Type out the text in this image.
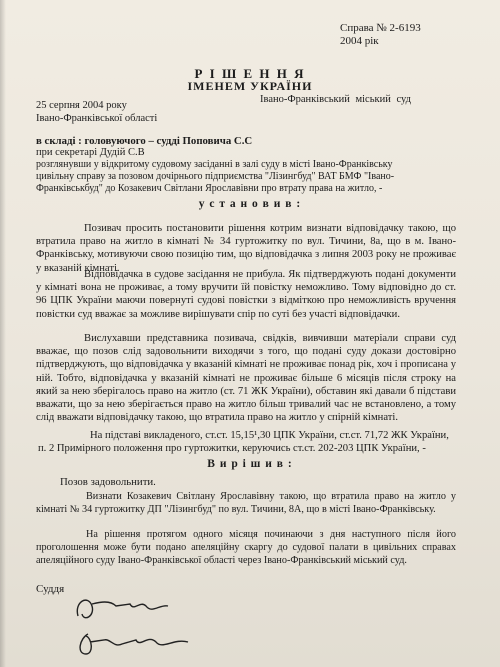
Справа № 2-6193
2004 рік
Р І Ш Е Н Н Я
ІМЕНЕМ УКРАЇНИ
Івано-Франківський міський суд
25 серпня 2004 року
Івано-Франківської області
в складі : головуючого – судді Поповича С.С
при секретарі Дудій С.В
розглянувши у відкритому судовому засіданні в залі суду в місті Івано-Франківську
цивільну справу за позовом дочірнього підприємства "Лізингбуд" ВАТ БМФ "Івано-
Франківськбуд" до Козакевич Світлани Ярославівни про втрату права на житло, -
у с т а н о в и в :
Позивач просить постановити рішення котрим визнати відповідачку такою, що втратила право на житло в кімнаті № 34 гуртожитку по вул. Тичини, 8а, що в м. Івано-Франківську, мотивуючи свою позицію тим, що відповідачка з липня 2003 року не проживає у вказаній кімнаті.
Відповідачка в судове засідання не прибула. Як підтверджують подані документи у кімнаті вона не проживає, а тому вручити їй повістку неможливо. Тому відповідно до ст. 96 ЦПК України маючи повернуті судові повістки з відміткою про неможливість вручення повістки суд вважає за можливе вирішувати спір по суті без участі відповідачки.
Вислухавши представника позивача, свідків, вивчивши матеріали справи суд вважає, що позов слід задовольнити виходячи з того, що подані суду докази достовірно підтверджують, що відповідачка у вказаній кімнаті не проживає понад рік, хоч і прописана у ній. Тобто, відповідачка у вказаній кімнаті не проживає більше 6 місяців після строку на який за нею зберігалось право на житло (ст. 71 ЖК України), обставин які давали б підстави вважати, що за нею зберігається право на житло більш тривалий час не встановлено, а тому слід вважати відповідачку такою, що втратила право на житло у спірній кімнаті.
На підставі викладеного, ст.ст. 15,15¹,30 ЦПК України, ст.ст. 71,72 ЖК України,
п. 2 Примірного положення про гуртожитки, керуючись ст.ст. 202-203 ЦПК України, -
В и р і ш и в :
Позов задовольнити.
Визнати Козакевич Світлану Ярославівну такою, що втратила право на житло у кімнаті № 34 гуртожитку ДП "Лізингбуд" по вул. Тичини, 8А, що в місті Івано-Франківську.
На рішення протягом одного місяця починаючи з дня наступного після його проголошення може бути подано апеляційну скаргу до судової палати в цивільних справах апеляційного суду Івано-Франківської області через Івано-Франківський міський суд.
Суддя
